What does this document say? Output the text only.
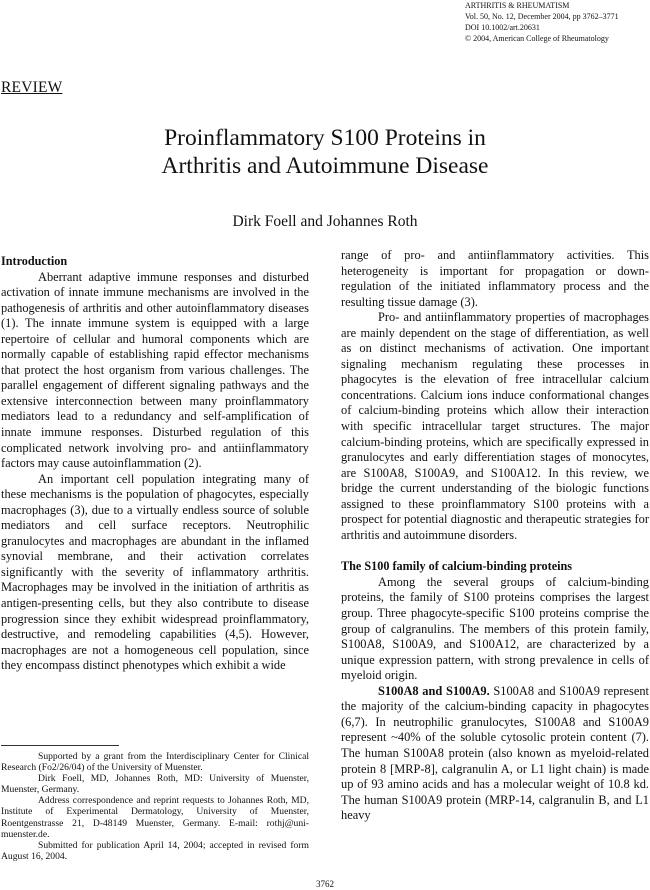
ARTHRITIS & RHEUMATISM
Vol. 50, No. 12, December 2004, pp 3762–3771
DOI 10.1002/art.20631
© 2004, American College of Rheumatology
REVIEW
Proinflammatory S100 Proteins in
Arthritis and Autoimmune Disease
Dirk Foell and Johannes Roth

Introduction

Aberrant adaptive immune responses and disturbed activation of innate immune mechanisms are involved in the pathogenesis of arthritis and other autoinflammatory diseases (1). The innate immune system is equipped with a large repertoire of cellular and humoral components which are normally capable of establishing rapid effector mechanisms that protect the host organism from various challenges. The parallel engagement of different signaling pathways and the extensive interconnection between many proinflammatory mediators lead to a redundancy and self-amplification of innate immune responses. Disturbed regulation of this complicated network involving pro- and antiinflammatory factors may cause autoinflammation (2).

An important cell population integrating many of these mechanisms is the population of phagocytes, especially macrophages (3), due to a virtually endless source of soluble mediators and cell surface receptors. Neutrophilic granulocytes and macrophages are abundant in the inflamed synovial membrane, and their activation correlates significantly with the severity of inflammatory arthritis. Macrophages may be involved in the initiation of arthritis as antigen-presenting cells, but they also contribute to disease progression since they exhibit widespread proinflammatory, destructive, and remodeling capabilities (4,5). However, macrophages are not a homogeneous cell population, since they encompass distinct phenotypes which exhibit a wide

range of pro- and antiinflammatory activities. This heterogeneity is important for propagation or down-regulation of the initiated inflammatory process and the resulting tissue damage (3).

Pro- and antiinflammatory properties of macrophages are mainly dependent on the stage of differentiation, as well as on distinct mechanisms of activation. One important signaling mechanism regulating these processes in phagocytes is the elevation of free intracellular calcium concentrations. Calcium ions induce conformational changes of calcium-binding proteins which allow their interaction with specific intracellular target structures. The major calcium-binding proteins, which are specifically expressed in granulocytes and early differentiation stages of monocytes, are S100A8, S100A9, and S100A12. In this review, we bridge the current understanding of the biologic functions assigned to these proinflammatory S100 proteins with a prospect for potential diagnostic and therapeutic strategies for arthritis and autoimmune disorders.

The S100 family of calcium-binding proteins

Among the several groups of calcium-binding proteins, the family of S100 proteins comprises the largest group. Three phagocyte-specific S100 proteins comprise the group of calgranulins. The members of this protein family, S100A8, S100A9, and S100A12, are characterized by a unique expression pattern, with strong prevalence in cells of myeloid origin.

S100A8 and S100A9. S100A8 and S100A9 represent the majority of the calcium-binding capacity in phagocytes (6,7). In neutrophilic granulocytes, S100A8 and S100A9 represent ~40% of the soluble cytosolic protein content (7). The human S100A8 protein (also known as myeloid-related protein 8 [MRP-8], calgranulin A, or L1 light chain) is made up of 93 amino acids and has a molecular weight of 10.8 kd. The human S100A9 protein (MRP-14, calgranulin B, and L1 heavy

Supported by a grant from the Interdisciplinary Center for Clinical Research (Fo2/26/04) of the University of Muenster.

Dirk Foell, MD, Johannes Roth, MD: University of Muenster, Muenster, Germany.

Address correspondence and reprint requests to Johannes Roth, MD, Institute of Experimental Dermatology, University of Muenster, Roentgenstrasse 21, D-48149 Muenster, Germany. E-mail: rothj@uni-muenster.de.

Submitted for publication April 14, 2004; accepted in revised form August 16, 2004.

3762
